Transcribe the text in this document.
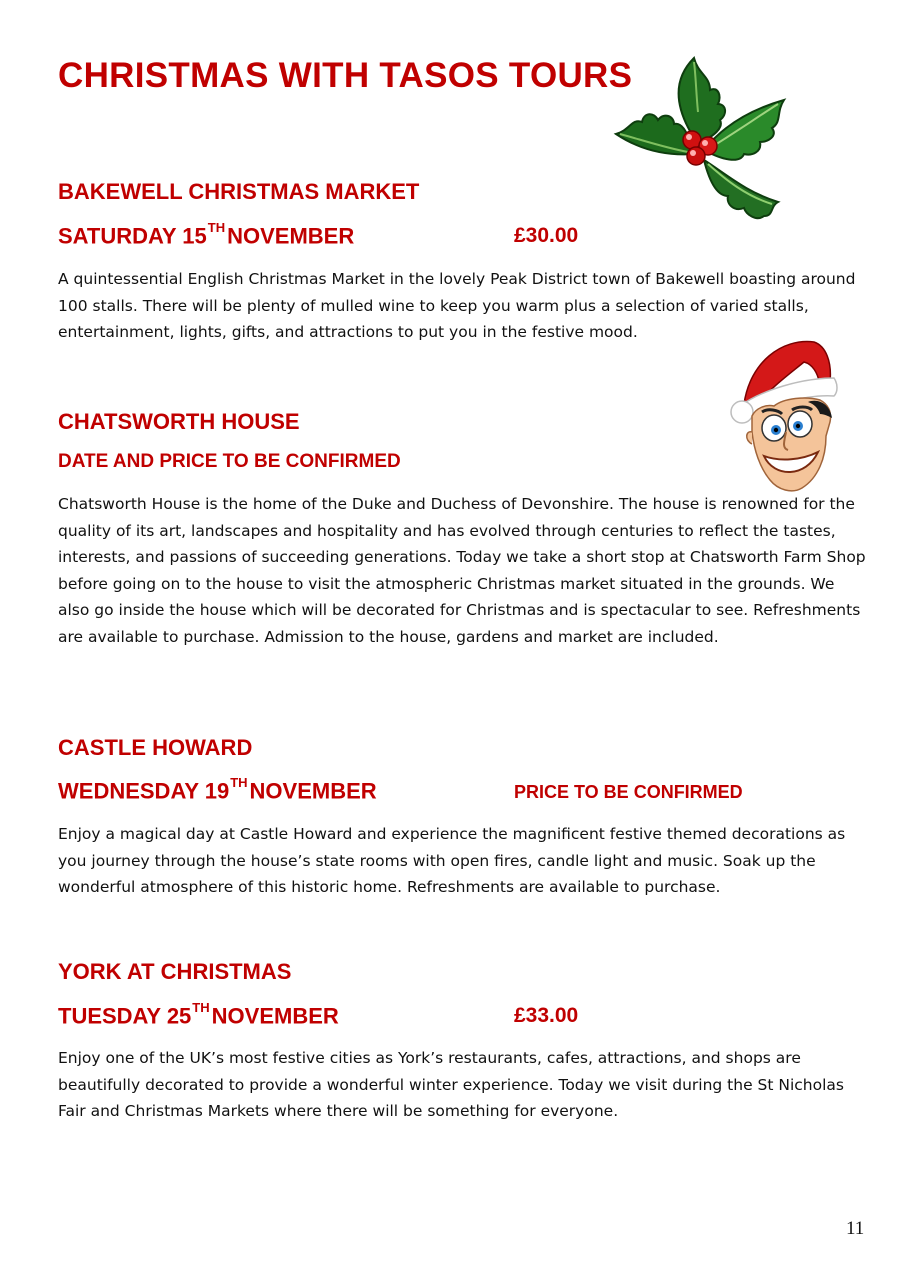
CHRISTMAS WITH TASOS TOURS
BAKEWELL CHRISTMAS MARKET
SATURDAY 15THNOVEMBER	£30.00

A quintessential English Christmas Market in the lovely Peak District town of Bakewell boasting around 100 stalls. There will be plenty of mulled wine to keep you warm plus a selection of varied stalls, entertainment, lights, gifts, and attractions to put you in the festive mood.

CHATSWORTH HOUSE
DATE AND PRICE TO BE CONFIRMED

Chatsworth House is the home of the Duke and Duchess of Devonshire. The house is renowned for the quality of its art, landscapes and hospitality and has evolved through centuries to reflect the tastes, interests, and passions of succeeding generations. Today we take a short stop at Chatsworth Farm Shop before going on to the house to visit the atmospheric Christmas market situated in the grounds. We also go inside the house which will be decorated for Christmas and is spectacular to see. Refreshments are available to purchase. Admission to the house, gardens and market are included.

CASTLE HOWARD
WEDNESDAY 19THNOVEMBER	PRICE TO BE CONFIRMED

Enjoy a magical day at Castle Howard and experience the magnificent festive themed decorations as you journey through the house’s state rooms with open fires, candle light and music. Soak up the wonderful atmosphere of this historic home. Refreshments are available to purchase.

YORK AT CHRISTMAS
TUESDAY 25THNOVEMBER	£33.00

Enjoy one of the UK’s most festive cities as York’s restaurants, cafes, attractions, and shops are beautifully decorated to provide a wonderful winter experience. Today we visit during the St Nicholas Fair and Christmas Markets where there will be something for everyone.

11
